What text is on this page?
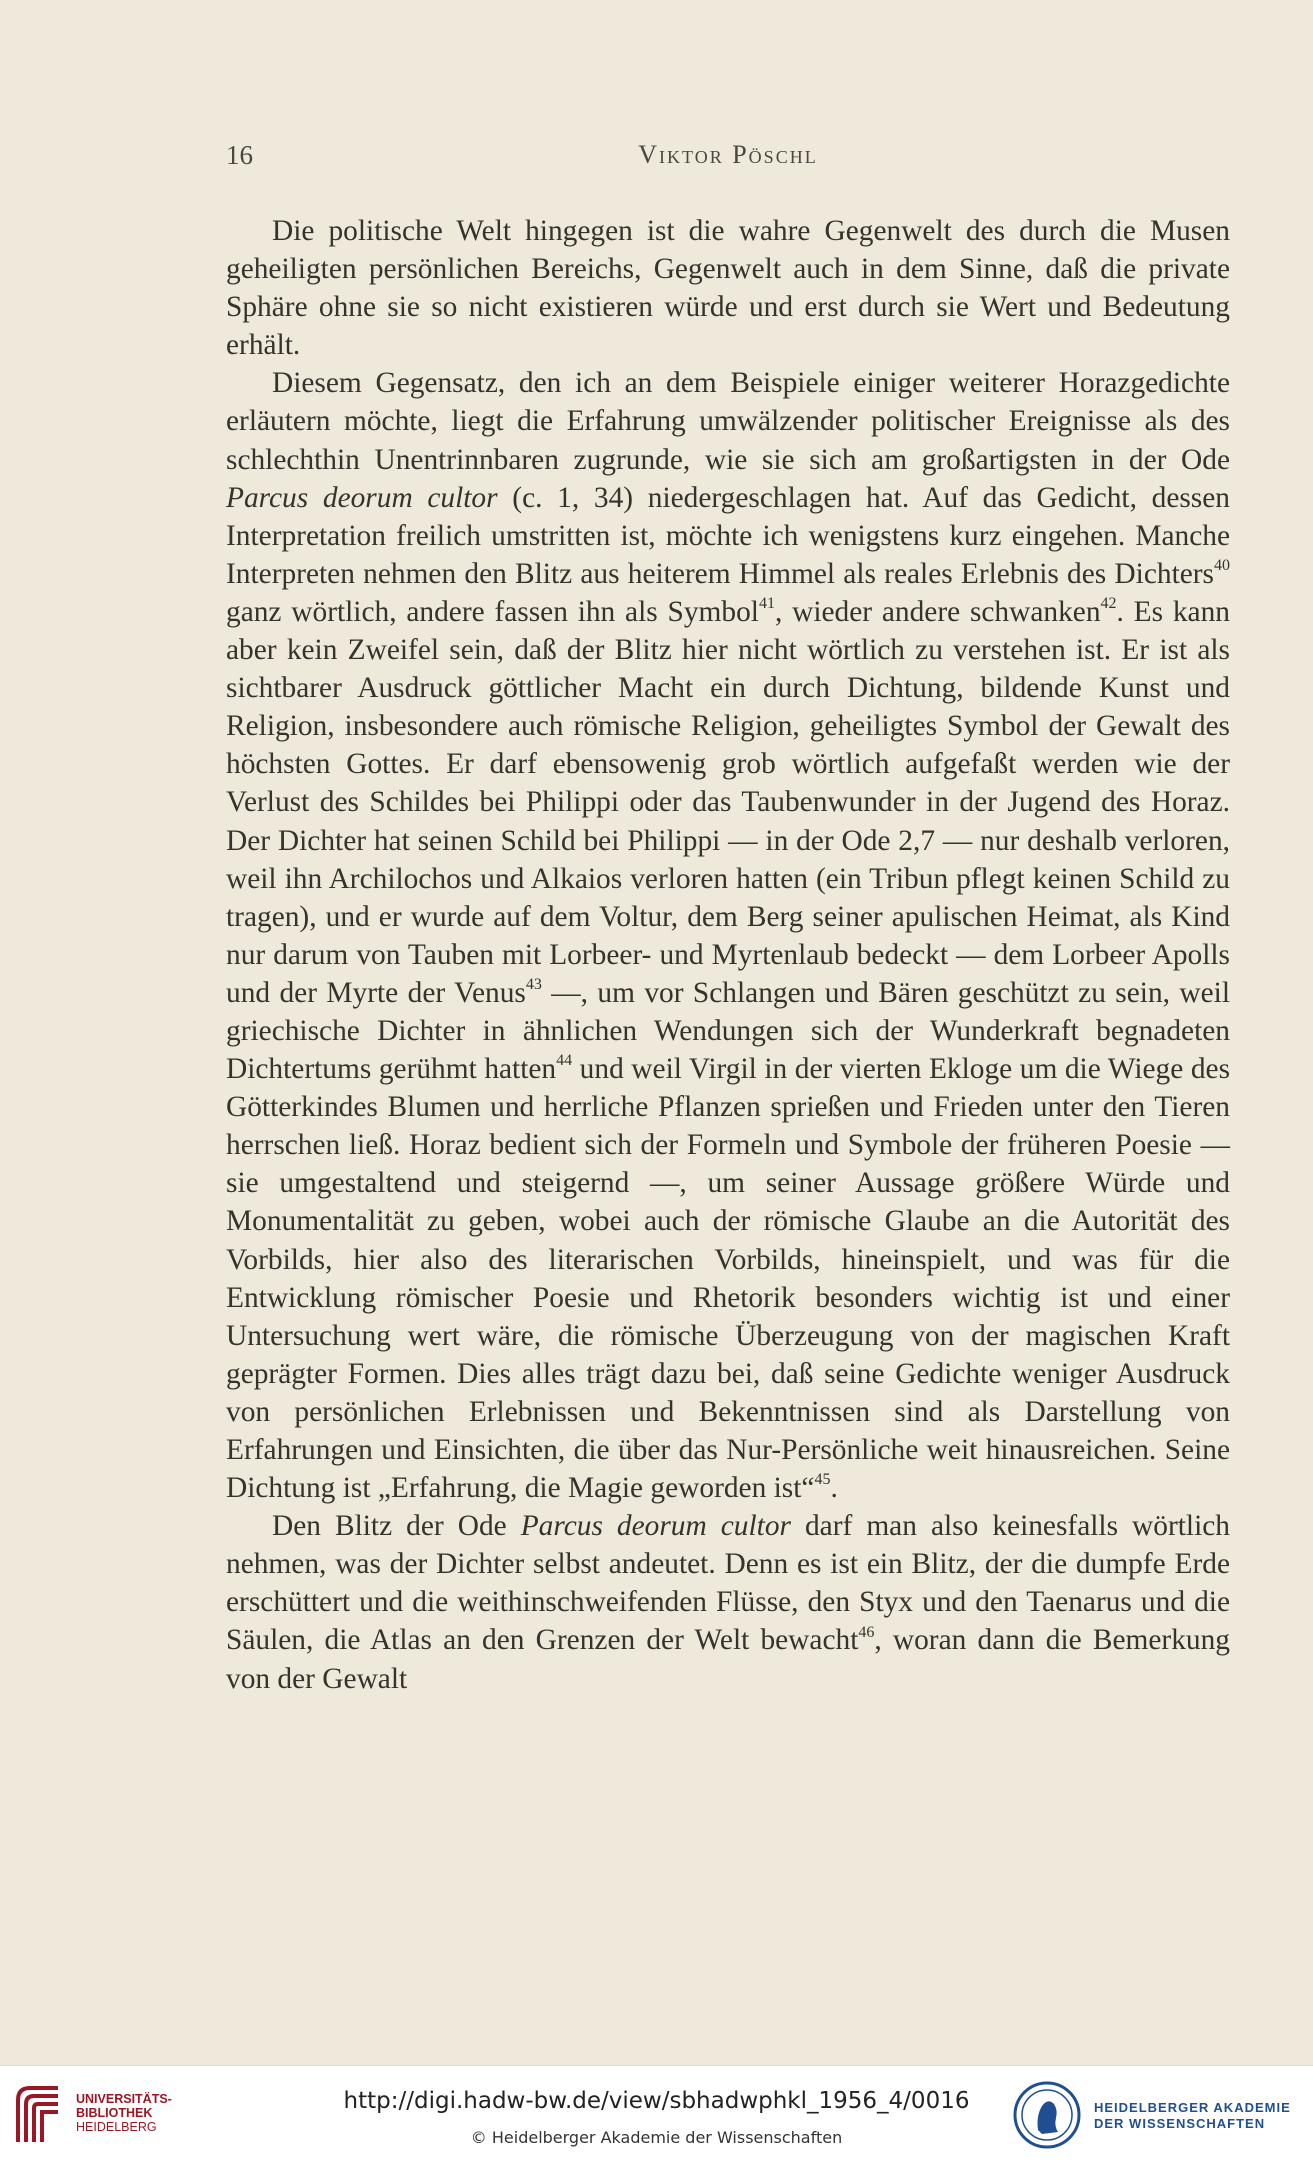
16	Viktor Pöschl

Die politische Welt hingegen ist die wahre Gegenwelt des durch die Musen geheiligten persönlichen Bereichs, Gegenwelt auch in dem Sinne, daß die private Sphäre ohne sie so nicht existieren würde und erst durch sie Wert und Bedeutung erhält.

Diesem Gegensatz, den ich an dem Beispiele einiger weiterer Horazgedichte erläutern möchte, liegt die Erfahrung umwälzender politischer Ereignisse als des schlechthin Unentrinnbaren zugrunde, wie sie sich am großartigsten in der Ode Parcus deorum cultor (c. 1, 34) niedergeschlagen hat. Auf das Gedicht, dessen Interpretation freilich umstritten ist, möchte ich wenigstens kurz eingehen. Manche Interpreten nehmen den Blitz aus heiterem Himmel als reales Erlebnis des Dichters$^{40}$ ganz wörtlich, andere fassen ihn als Symbol$^{41}$, wieder andere schwanken$^{42}$. Es kann aber kein Zweifel sein, daß der Blitz hier nicht wörtlich zu verstehen ist. Er ist als sichtbarer Ausdruck göttlicher Macht ein durch Dichtung, bildende Kunst und Religion, insbesondere auch römische Religion, geheiligtes Symbol der Gewalt des höchsten Gottes. Er darf ebensowenig grob wörtlich aufgefaßt werden wie der Verlust des Schildes bei Philippi oder das Taubenwunder in der Jugend des Horaz. Der Dichter hat seinen Schild bei Philippi — in der Ode 2,7 — nur deshalb verloren, weil ihn Archilochos und Alkaios verloren hatten (ein Tribun pflegt keinen Schild zu tragen), und er wurde auf dem Voltur, dem Berg seiner apulischen Heimat, als Kind nur darum von Tauben mit Lorbeer- und Myrtenlaub bedeckt — dem Lorbeer Apolls und der Myrte der Venus$^{43}$ —, um vor Schlangen und Bären geschützt zu sein, weil griechische Dichter in ähnlichen Wendungen sich der Wunderkraft begnadeten Dichtertums gerühmt hatten$^{44}$ und weil Virgil in der vierten Ekloge um die Wiege des Götterkindes Blumen und herrliche Pflanzen sprießen und Frieden unter den Tieren herrschen ließ. Horaz bedient sich der Formeln und Symbole der früheren Poesie — sie umgestaltend und steigernd —, um seiner Aussage größere Würde und Monumentalität zu geben, wobei auch der römische Glaube an die Autorität des Vorbilds, hier also des literarischen Vorbilds, hineinspielt, und was für die Entwicklung römischer Poesie und Rhetorik besonders wichtig ist und einer Untersuchung wert wäre, die römische Überzeugung von der magischen Kraft geprägter Formen. Dies alles trägt dazu bei, daß seine Gedichte weniger Ausdruck von persönlichen Erlebnissen und Bekenntnissen sind als Darstellung von Erfahrungen und Einsichten, die über das Nur-Persönliche weit hinausreichen. Seine Dichtung ist „Erfahrung, die Magie geworden ist“$^{45}$.

Den Blitz der Ode Parcus deorum cultor darf man also keinesfalls wörtlich nehmen, was der Dichter selbst andeutet. Denn es ist ein Blitz, der die dumpfe Erde erschüttert und die weithinschweifenden Flüsse, den Styx und den Taenarus und die Säulen, die Atlas an den Grenzen der Welt bewacht$^{46}$, woran dann die Bemerkung von der Gewalt

UNIVERSITÄTS-
BIBLIOTHEK
HEIDELBERG
http://digi.hadw-bw.de/view/sbhadwphkl_1956_4/0016
© Heidelberger Akademie der Wissenschaften
HEIDELBERGER AKADEMIE
DER WISSENSCHAFTEN
